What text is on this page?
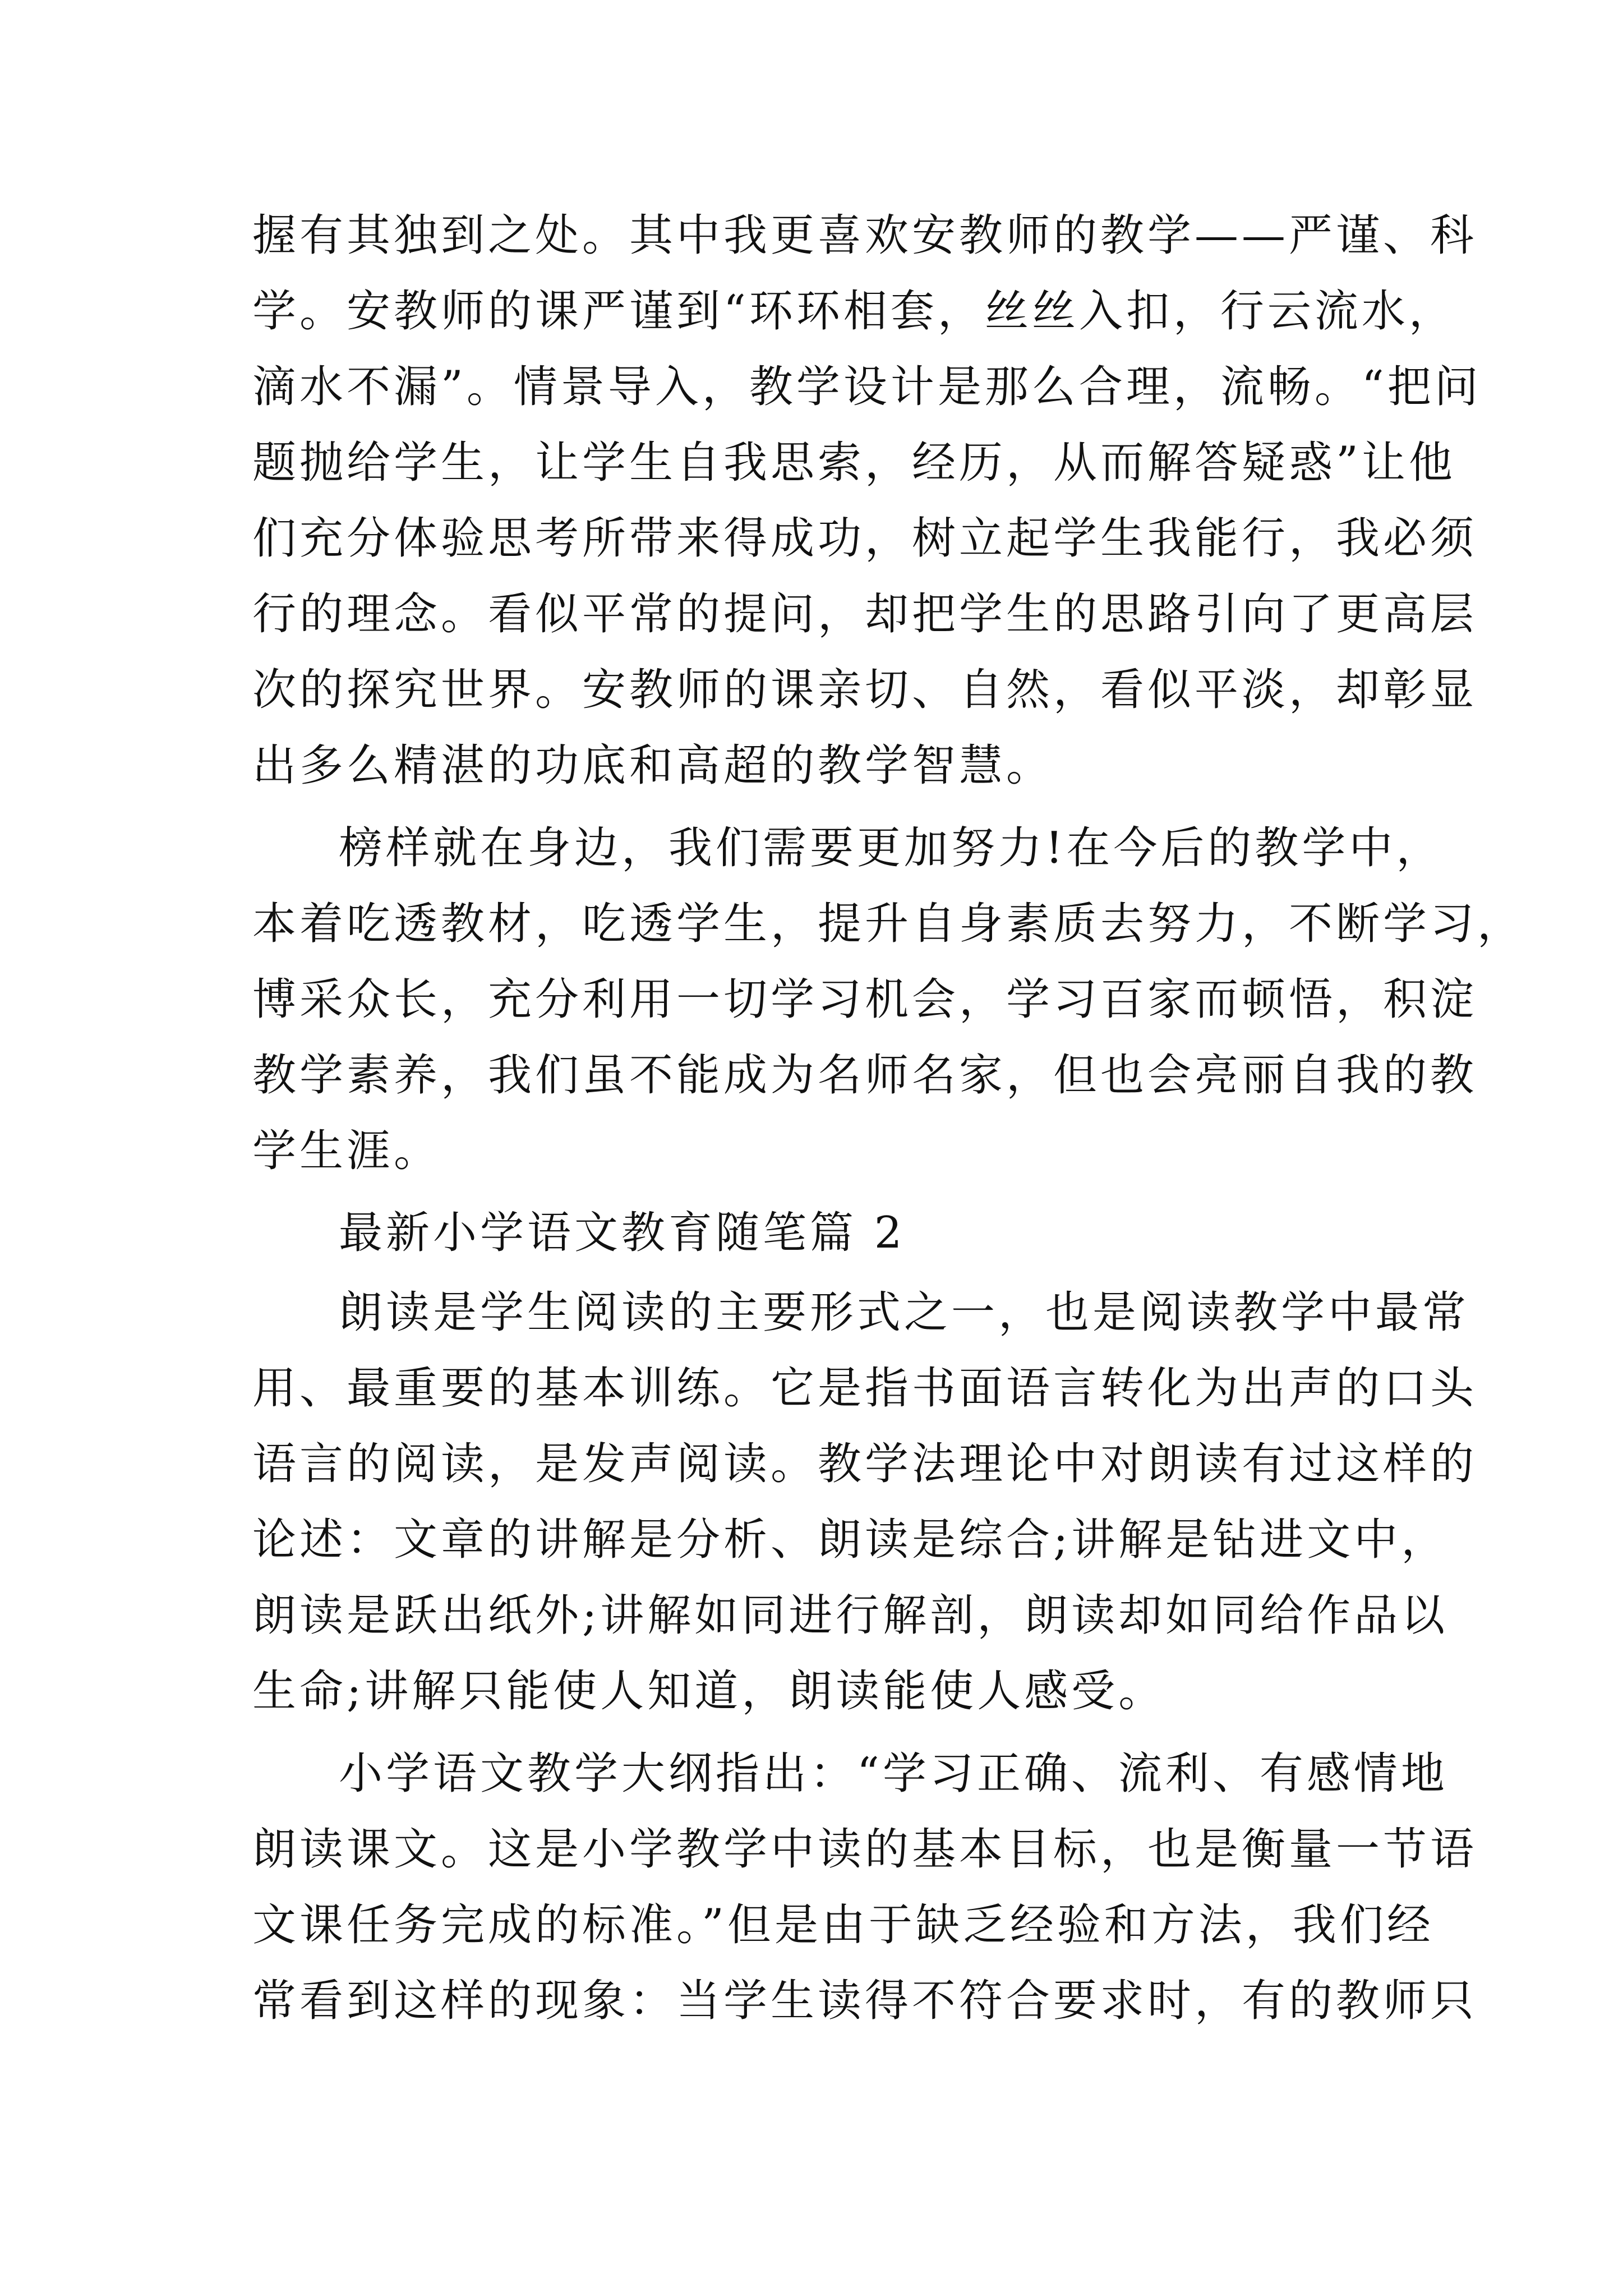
握有其独到之处。其中我更喜欢安教师的教学——严谨、科
学。安教师的课严谨到“环环相套，丝丝入扣，行云流水，
滴水不漏”。情景导入，教学设计是那么合理，流畅。“把问
题抛给学生，让学生自我思索，经历，从而解答疑惑”让他
们充分体验思考所带来得成功，树立起学生我能行，我必须
行的理念。看似平常的提问，却把学生的思路引向了更高层
次的探究世界。安教师的课亲切、自然，看似平淡，却彰显
出多么精湛的功底和高超的教学智慧。
榜样就在身边，我们需要更加努力!在今后的教学中，
本着吃透教材，吃透学生，提升自身素质去努力，不断学习，
博采众长，充分利用一切学习机会，学习百家而顿悟，积淀
教学素养，我们虽不能成为名师名家，但也会亮丽自我的教
学生涯。
最新小学语文教育随笔篇 2
朗读是学生阅读的主要形式之一，也是阅读教学中最常
用、最重要的基本训练。它是指书面语言转化为出声的口头
语言的阅读，是发声阅读。教学法理论中对朗读有过这样的
论述：文章的讲解是分析、朗读是综合;讲解是钻进文中，
朗读是跃出纸外;讲解如同进行解剖，朗读却如同给作品以
生命;讲解只能使人知道，朗读能使人感受。
小学语文教学大纲指出：“学习正确、流利、有感情地
朗读课文。这是小学教学中读的基本目标，也是衡量一节语
文课任务完成的标准。”但是由于缺乏经验和方法，我们经
常看到这样的现象：当学生读得不符合要求时，有的教师只
